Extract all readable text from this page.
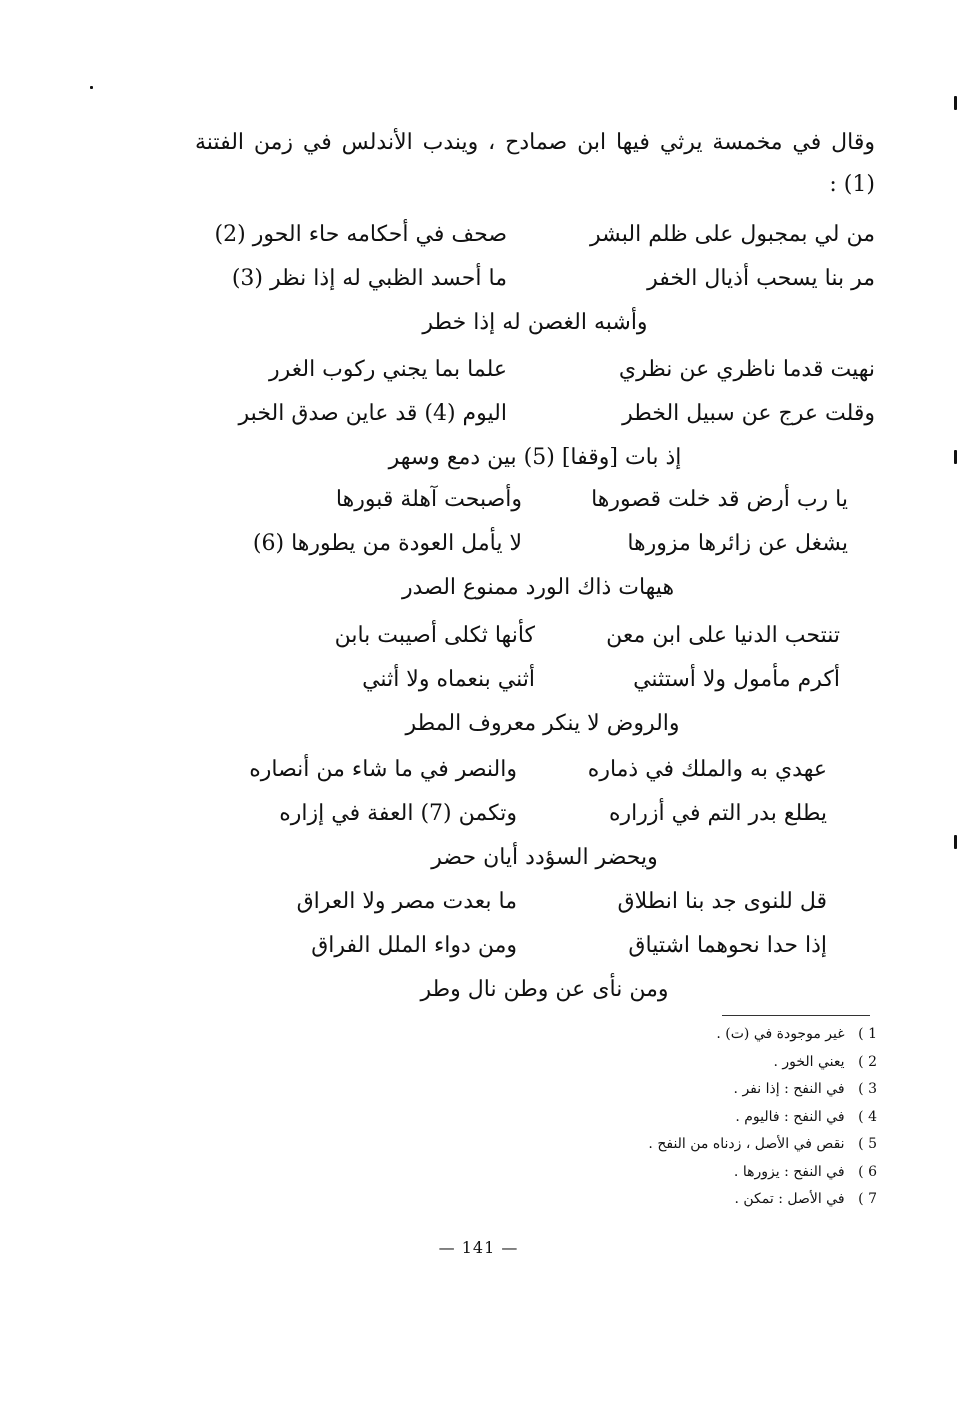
وقال في مخمسة يرثي فيها ابن صمادح ، ويندب الأندلس في زمن الفتنة (1) :
من لي بمجبول على ظلم البشر
صحف في أحكامه حاء الحور (2)
مر بنا يسحب أذيال الخفر
ما أحسد الظبي له إذا نظر (3)
وأشبه الغصن له إذا خطر
نهيت قدما ناظري عن نظري
علما بما يجني ركوب الغرر
وقلت عرج عن سبيل الخطر
اليوم (4) قد عاين صدق الخبر
إذ بات [وقفا] (5) بين دمع وسهر
يا رب أرض قد خلت قصورها
وأصبحت آهلة قبورها
يشغل عن زائرها مزورها
لا يأمل العودة من يطورها (6)
هيهات ذاك الورد ممنوع الصدر
تنتحب الدنيا على ابن معن
كأنها ثكلى أصيبت بابن
أكرم مأمول ولا أستثني
أثني بنعماه ولا أثني
والروض لا ينكر معروف المطر
عهدي به والملك في ذماره
والنصر في ما شاء من أنصاره
يطلع بدر التم في أزراره
وتكمن (7) العفة في إزاره
ويحضر السؤدد أيان حضر
قل للنوى جد بنا انطلاق
ما بعدت مصر ولا العراق
إذا حدا نحوهما اشتياق
ومن دواء الملل الفراق
ومن نأى عن وطن نال وطر
1 ) غير موجودة في (ت) .
2 ) يعني الخور .
3 ) في النفح : إذا نفر .
4 ) في النفح : فاليوم .
5 ) نقص في الأصل ، زدناه من النفح .
6 ) في النفح : يزورها .
7 ) في الأصل : تمكن .
— 141 —
